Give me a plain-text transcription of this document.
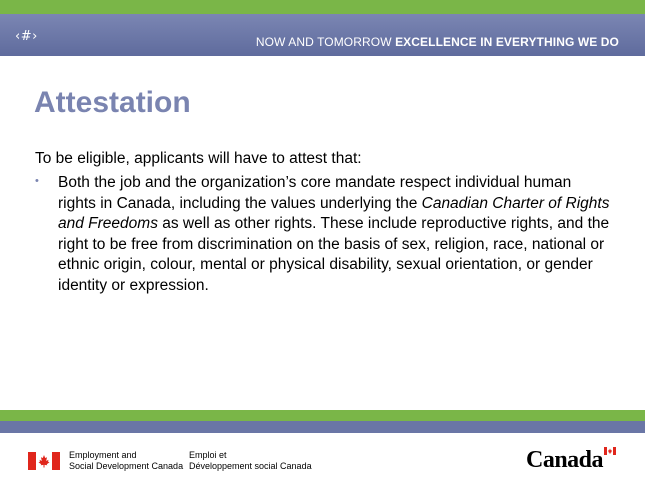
‹#›	NOW AND TOMORROW EXCELLENCE IN EVERYTHING WE DO
Attestation

To be eligible, applicants will have to attest that:

• Both the job and the organization’s core mandate respect individual human rights in Canada, including the values underlying the Canadian Charter of Rights and Freedoms as well as other rights. These include reproductive rights, and the right to be free from discrimination on the basis of sex, religion, race, national or ethnic origin, colour, mental or physical disability, sexual orientation, or gender identity or expression.

Employment and
Social Development Canada

Emploi et
Développement social Canada	Canada
